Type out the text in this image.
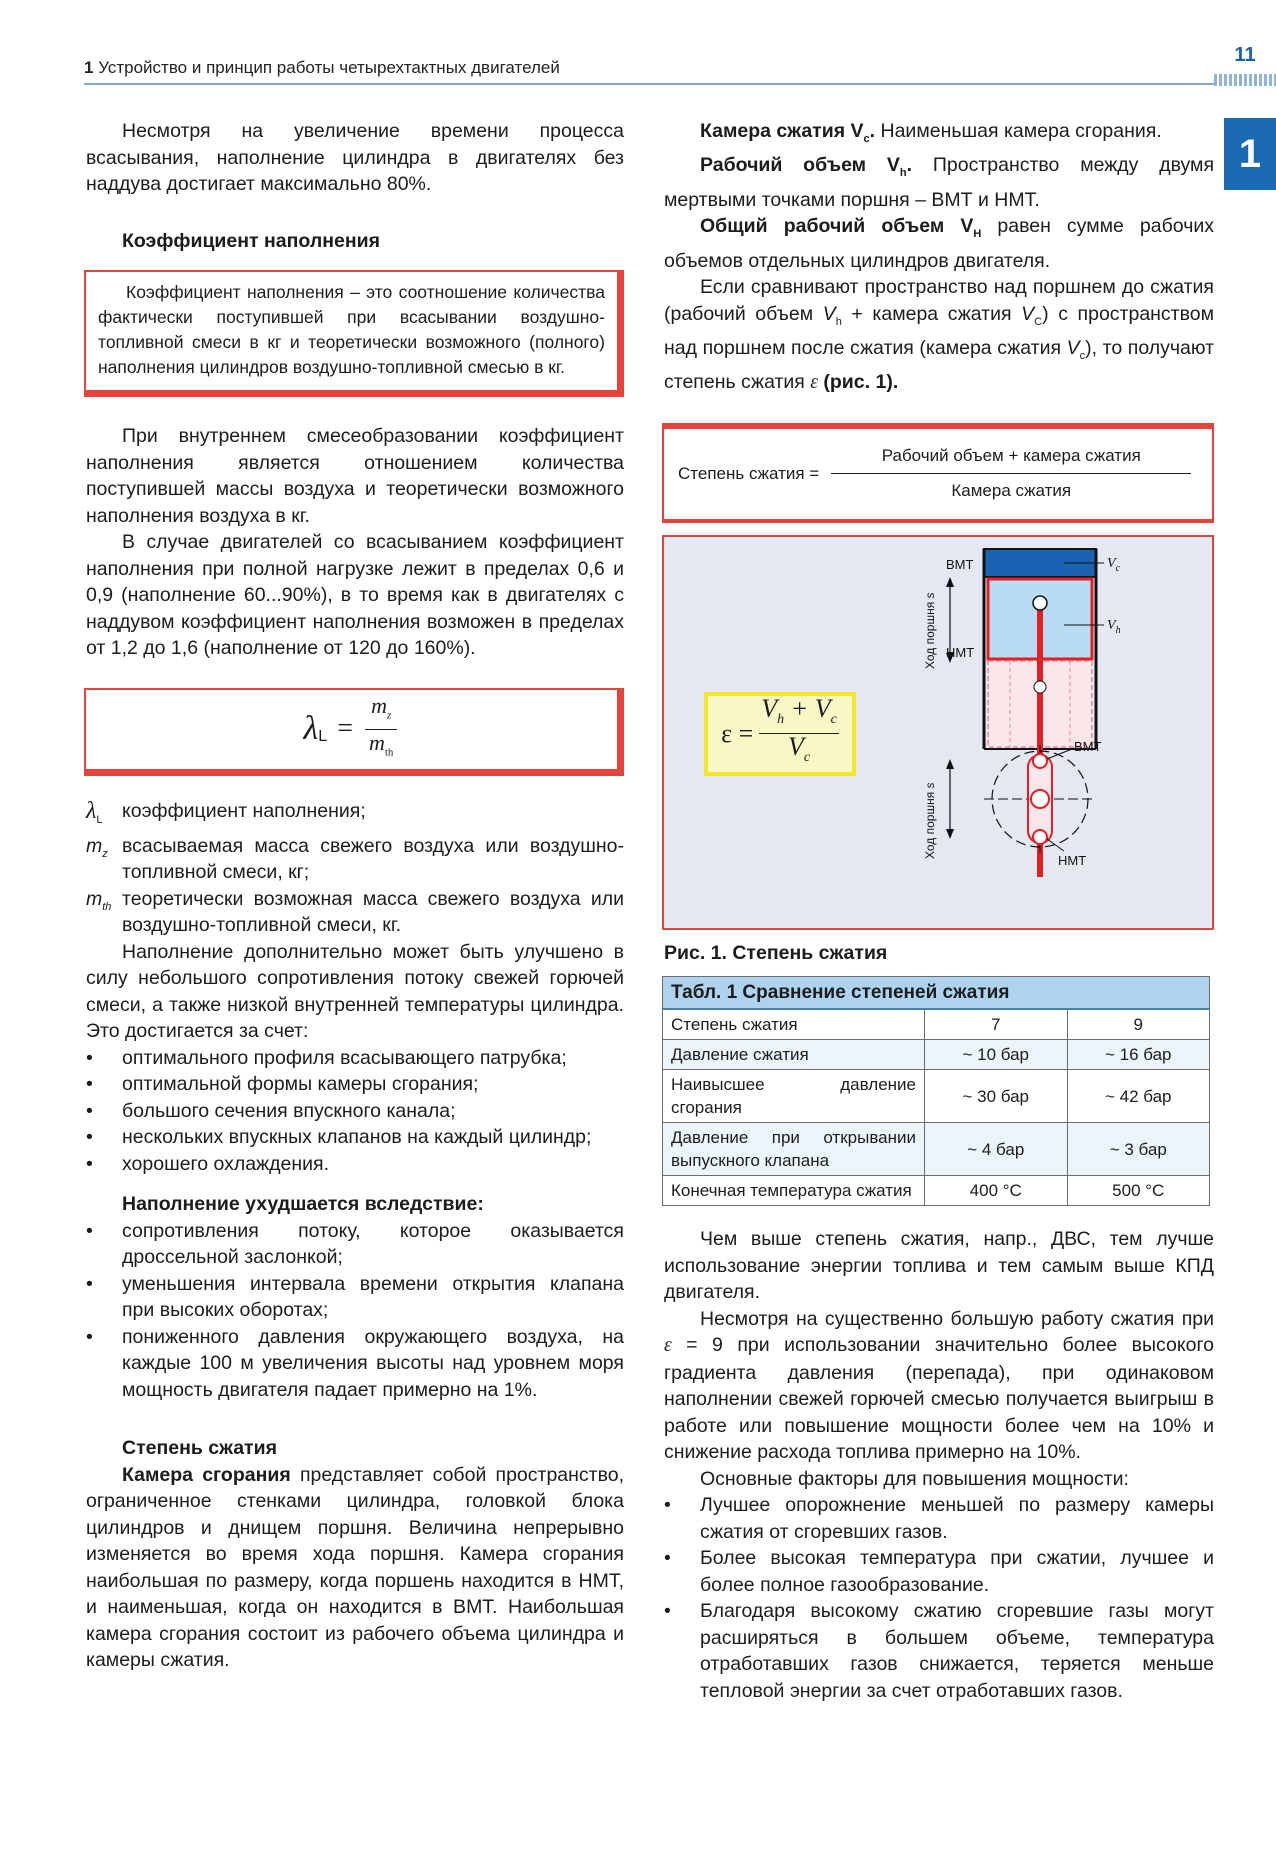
1 Устройство и принцип работы четырехтактных двигателей
11
1

Несмотря на увеличение времени процесса всасывания, наполнение цилиндра в двигателях без наддува достигает максимально 80%.

Коэффициент наполнения

Коэффициент наполнения – это соотношение количества фактически поступившей при всасывании воздушно-топливной смеси в кг и теоретически возможного (полного) наполнения цилиндров воздушно-топливной смесью в кг.

При внутреннем смесеобразовании коэффициент наполнения является отношением количества поступившей массы воздуха и теоретически возможного наполнения воздуха в кг.

В случае двигателей со всасыванием коэффициент наполнения при полной нагрузке лежит в пределах 0,6 и 0,9 (наполнение 60...90%), в то время как в двигателях с наддувом коэффициент наполнения возможен в пределах от 1,2 до 1,6 (наполнение от 120 до 160%).

$\lambda_L$ =
$m_z$
$m_{th}$
$\lambda_L$ коэффициент наполнения;
$m_z$ всасываемая масса свежего воздуха или воздушно-топливной смеси, кг;
$m_{th}$ теоретически возможная масса свежего воздуха или воздушно-топливной смеси, кг.

Наполнение дополнительно может быть улучшено в силу небольшого сопротивления потоку свежей горючей смеси, а также низкой внутренней температуры цилиндра. Это достигается за счет:

•	оптимального профиля всасывающего патрубка;
•	оптимальной формы камеры сгорания;
•	большого сечения впускного канала;
•	нескольких впускных клапанов на каждый цилиндр;
•	хорошего охлаждения.

Наполнение ухудшается вследствие:

•	сопротивления потоку, которое оказывается дроссельной заслонкой;
•	уменьшения интервала времени открытия клапана при высоких оборотах;
•	пониженного давления окружающего воздуха, на каждые 100 м увеличения высоты над уровнем моря мощность двигателя падает примерно на 1%.

Степень сжатия

Камера сгорания представляет собой пространство, ограниченное стенками цилиндра, головкой блока цилиндров и днищем поршня. Величина непрерывно изменяется во время хода поршня. Камера сгорания наибольшая по размеру, когда поршень находится в НМТ, и наименьшая, когда он находится в ВМТ. Наибольшая камера сгорания состоит из рабочего объема цилиндра и камеры сжатия.

Камера сжатия $V_c$. Наименьшая камера сгорания.

Рабочий объем $V_h$. Пространство между двумя мертвыми точками поршня – ВМТ и НМТ.

Общий рабочий объем $V_H$ равен сумме рабочих объемов отдельных цилиндров двигателя.

Если сравнивают пространство над поршнем до сжатия (рабочий объем $V_h$ + камера сжатия $V_C$) с пространством над поршнем после сжатия (камера сжатия $V_c$), то получают степень сжатия ε (рис. 1).

Степень сжатия =
Рабочий объем + камера сжатия
Камера сжатия
$\varepsilon = \frac{V_h + V_c}{V_c}$
ВМТ
НМТ
$V_c$
$V_h$
Ход поршня s
ВМТ
НМТ
Ход поршня s

Рис. 1. Степень сжатия

Табл. 1 Сравнение степеней сжатия		
Степень сжатия	7	9
Давление сжатия	~ 10 бар	~ 16 бар
Наивысшее давление сгорания	~ 30 бар	~ 42 бар
Давление при открывании выпускного клапана	~ 4 бар	~ 3 бар
Конечная температура сжатия	400 °C	500 °C

Чем выше степень сжатия, напр., ДВС, тем лучше использование энергии топлива и тем самым выше КПД двигателя.

Несмотря на существенно большую работу сжатия при ε = 9 при использовании значительно более высокого градиента давления (перепада), при одинаковом наполнении свежей горючей смесью получается выигрыш в работе или повышение мощности более чем на 10% и снижение расхода топлива примерно на 10%.

Основные факторы для повышения мощности:

•	Лучшее опорожнение меньшей по размеру камеры сжатия от сгоревших газов.
•	Более высокая температура при сжатии, лучшее и более полное газообразование.
•	Благодаря высокому сжатию сгоревшие газы могут расширяться в большем объеме, температура отработавших газов снижается, теряется меньше тепловой энергии за счет отработавших газов.
